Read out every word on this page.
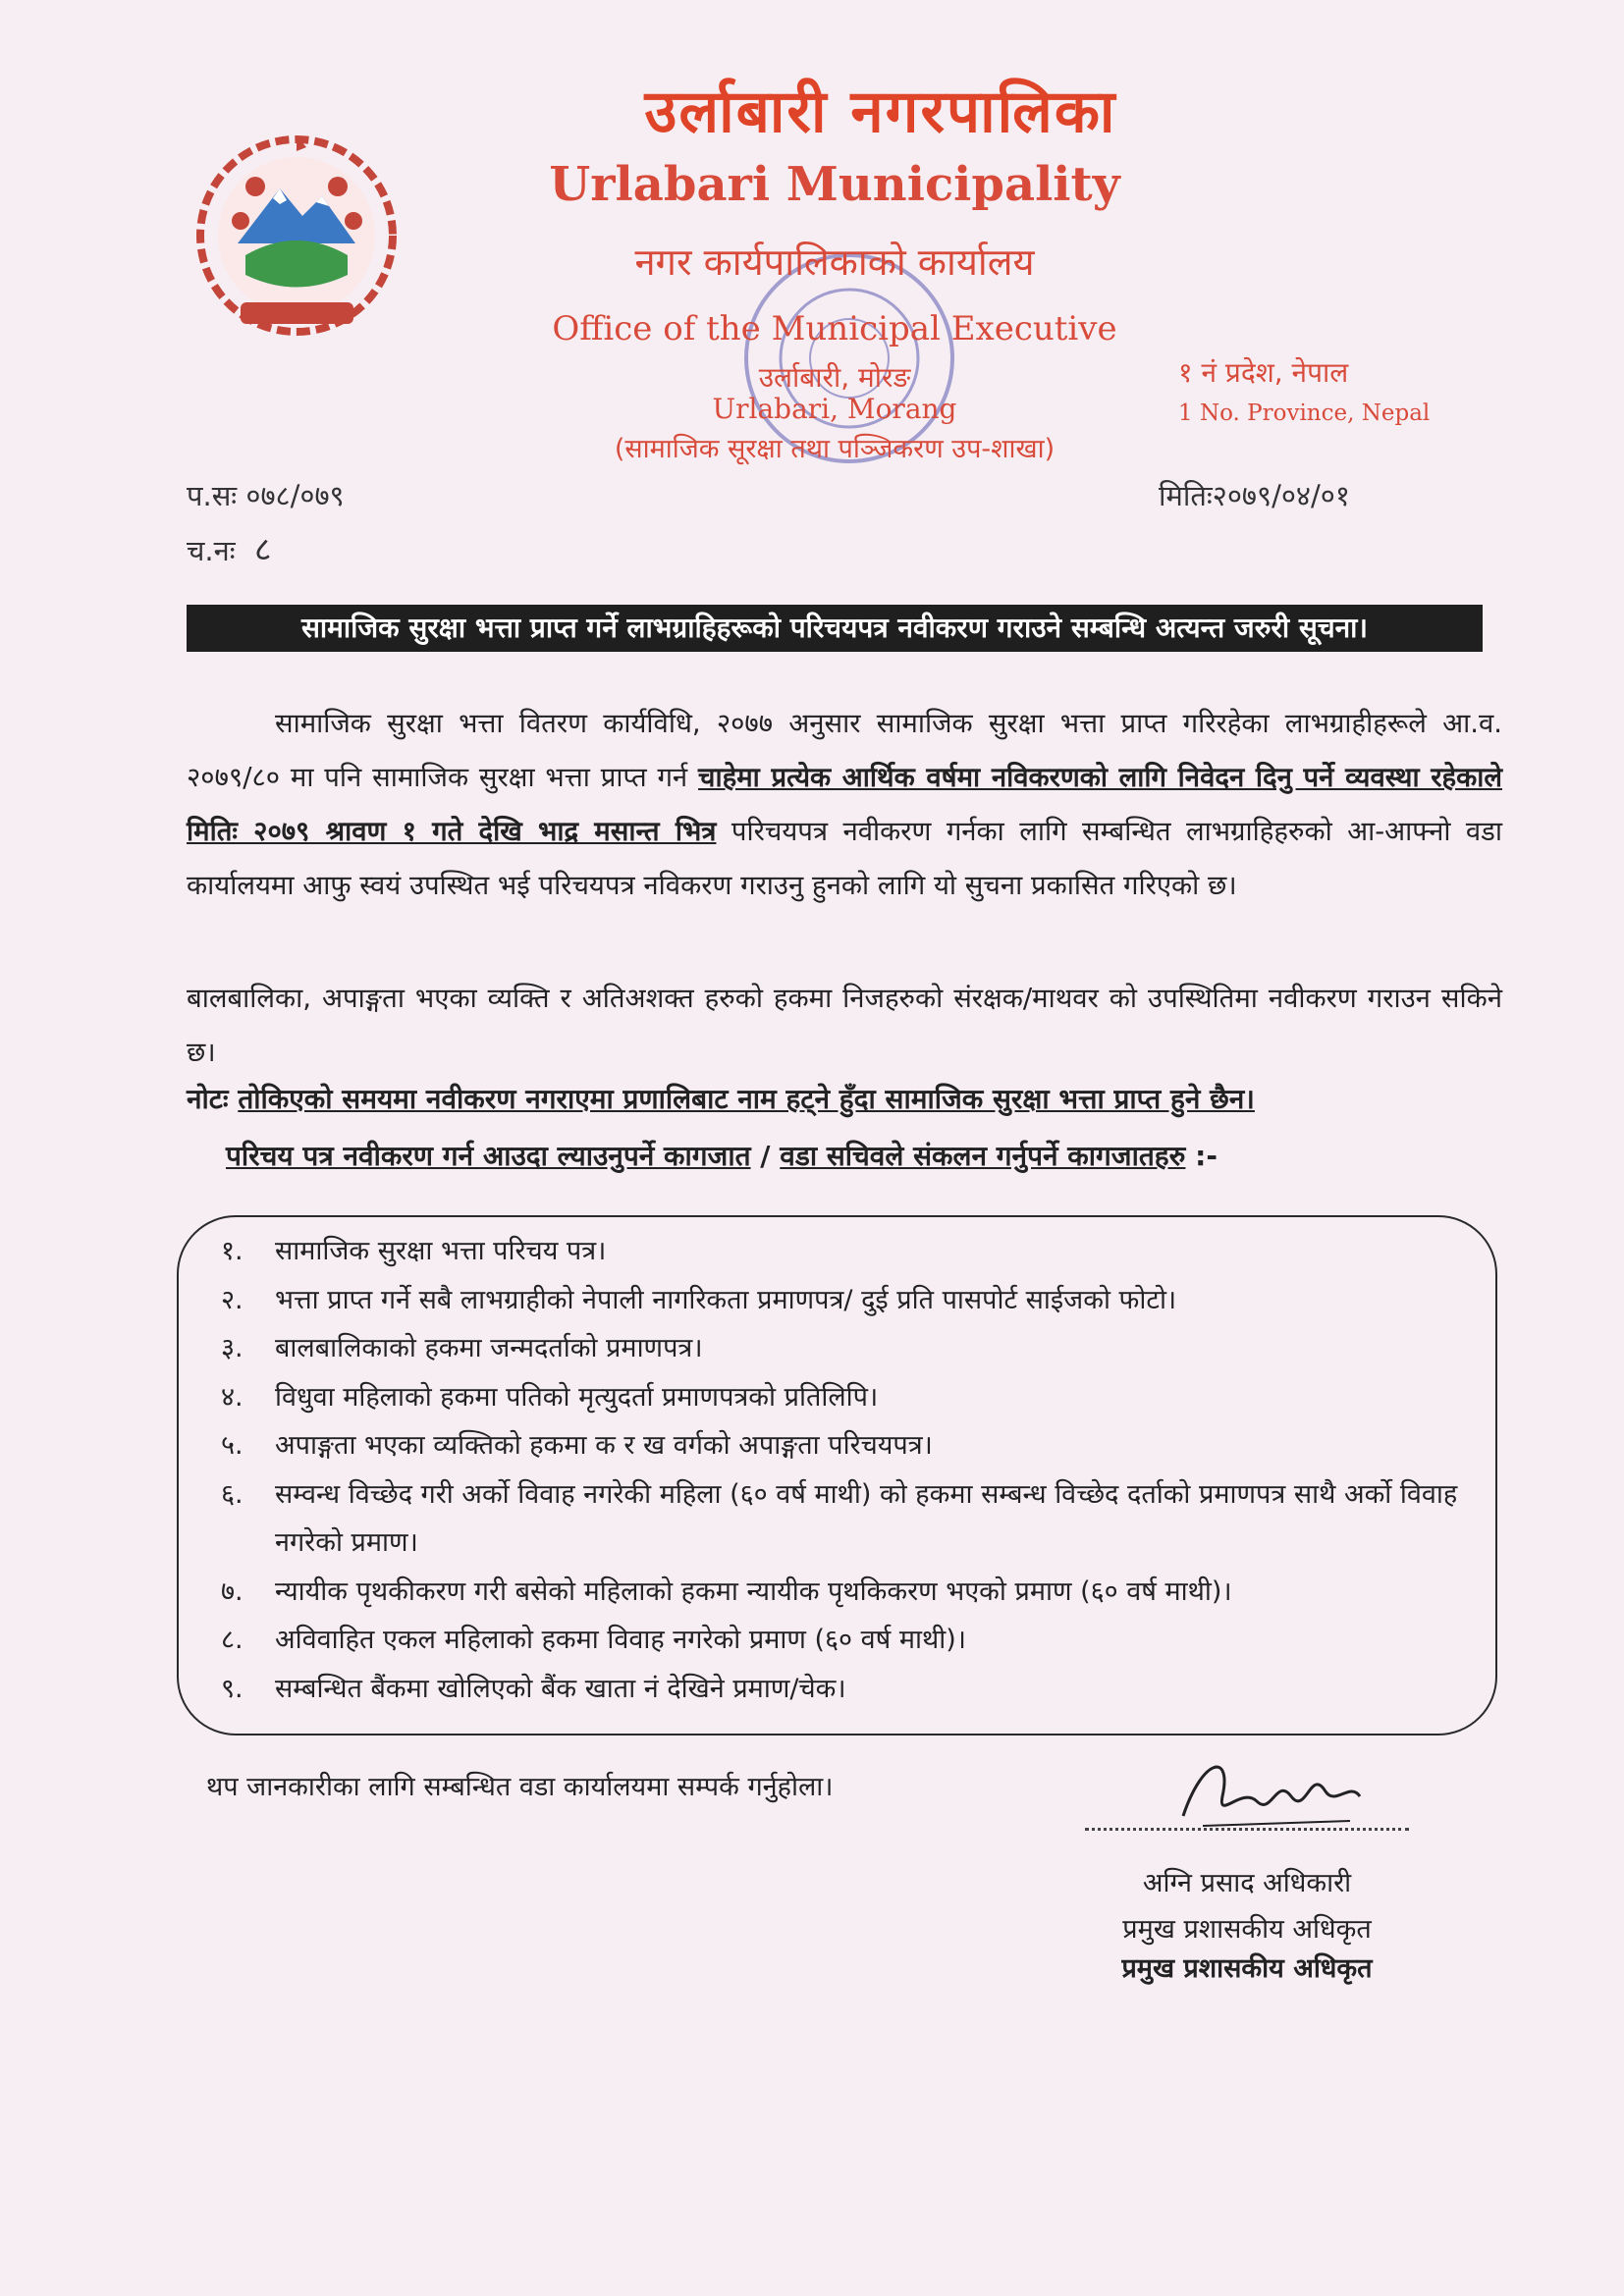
उर्लाबारी नगरपालिका
Urlabari Municipality
नगर कार्यपालिकाको कार्यालय
Office of the Municipal Executive
उर्लाबारी, मोरङ
Urlabari, Morang
(सामाजिक सूरक्षा तथा पञ्जिकरण उप-शाखा)
१ नं प्रदेश, नेपाल
1 No. Province, Nepal
प.सः ०७८/०७९
च.नः ८
मितिः२०७९/०४/०१
सामाजिक सुरक्षा भत्ता प्राप्त गर्ने लाभग्राहिहरूको परिचयपत्र नवीकरण गराउने सम्बन्धि अत्यन्त जरुरी सूचना।
सामाजिक सुरक्षा भत्ता वितरण कार्यविधि, २०७७ अनुसार सामाजिक सुरक्षा भत्ता प्राप्त गरिरहेका लाभग्राहीहरूले आ.व. २०७९/८० मा पनि सामाजिक सुरक्षा भत्ता प्राप्त गर्न चाहेमा प्रत्येक आर्थिक वर्षमा नविकरणको लागि निवेदन दिनु पर्ने व्यवस्था रहेकाले मितिः २०७९ श्रावण १ गते देखि भाद्र मसान्त भित्र परिचयपत्र नवीकरण गर्नका लागि सम्बन्धित लाभग्राहिहरुको आ-आफ्नो वडा कार्यालयमा आफु स्वयं उपस्थित भई परिचयपत्र नविकरण गराउनु हुनको लागि यो सुचना प्रकासित गरिएको छ।
बालबालिका, अपाङ्गता भएका व्यक्ति र अतिअशक्त हरुको हकमा निजहरुको संरक्षक/माथवर को उपस्थितिमा नवीकरण गराउन सकिने छ।
नोटः तोकिएको समयमा नवीकरण नगराएमा प्रणालिबाट नाम हट्ने हुँदा सामाजिक सुरक्षा भत्ता प्राप्त हुने छैन।
परिचय पत्र नवीकरण गर्न आउदा ल्याउनुपर्ने कागजात / वडा सचिवले संकलन गर्नुपर्ने कागजातहरु :-
१.	सामाजिक सुरक्षा भत्ता परिचय पत्र।
२.	भत्ता प्राप्त गर्ने सबै लाभग्राहीको नेपाली नागरिकता प्रमाणपत्र/ दुई प्रति पासपोर्ट साईजको फोटो।
३.	बालबालिकाको हकमा जन्मदर्ताको प्रमाणपत्र।
४.	विधुवा महिलाको हकमा पतिको मृत्युदर्ता प्रमाणपत्रको प्रतिलिपि।
५.	अपाङ्गता भएका व्यक्तिको हकमा क र ख वर्गको अपाङ्गता परिचयपत्र।
६.	सम्वन्ध विच्छेद गरी अर्को विवाह नगरेकी महिला (६० वर्ष माथी) को हकमा सम्बन्ध विच्छेद दर्ताको प्रमाणपत्र साथै अर्को विवाह नगरेको प्रमाण।
७.	न्यायीक पृथकीकरण गरी बसेको महिलाको हकमा न्यायीक पृथकिकरण भएको प्रमाण (६० वर्ष माथी)।
८.	अविवाहित एकल महिलाको हकमा विवाह नगरेको प्रमाण (६० वर्ष माथी)।
९.	सम्बन्धित बैंकमा खोलिएको बैंक खाता नं देखिने प्रमाण/चेक।
थप जानकारीका लागि सम्बन्धित वडा कार्यालयमा सम्पर्क गर्नुहोला।
अग्नि प्रसाद अधिकारी
प्रमुख प्रशासकीय अधिकृत
प्रमुख प्रशासकीय अधिकृत
